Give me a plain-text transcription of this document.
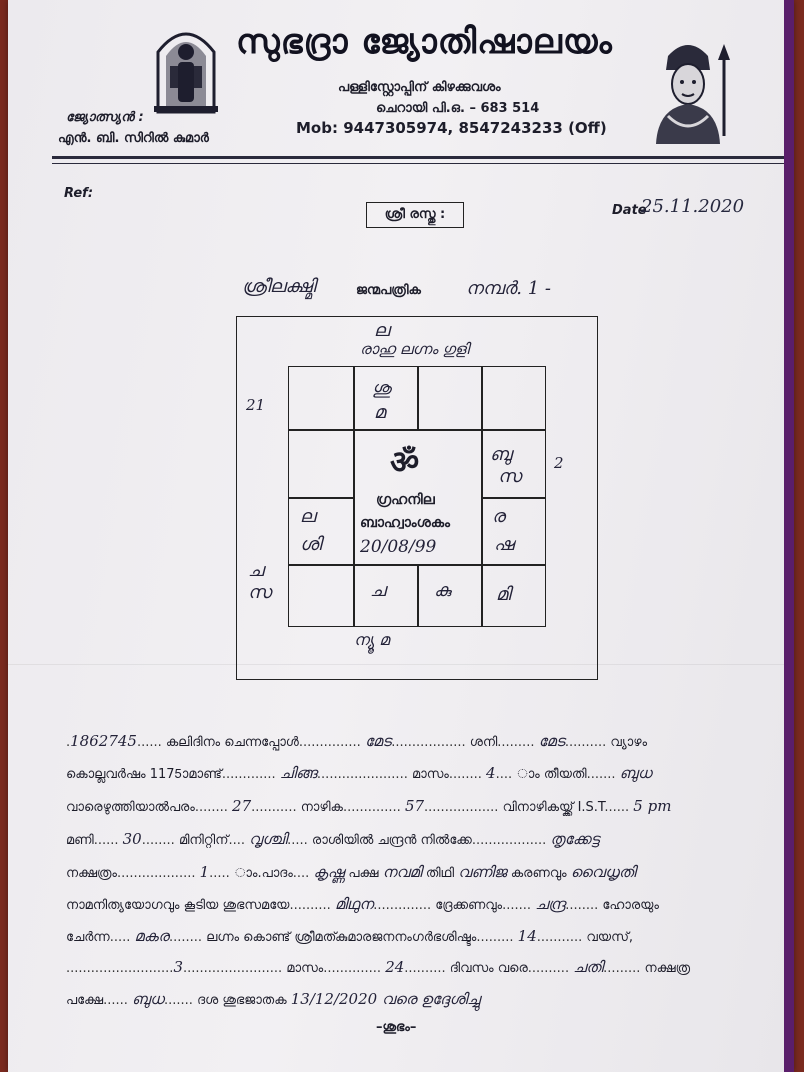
സുഭദ്രാ ജ്യോതിഷാലയം
പള്ളിസ്റ്റോപ്പിന് കിഴക്കുവശം
ചെറായി പി.ഒ. – 683 514
Mob: 9447305974, 8547243233 (Off)
ജ്യോത്സ്യൻ :
എൻ. ബി. സിറിൽ കുമാർ
Ref:
ശ്രീ രസ്തു :	Date
25.11.2020
ശ്രീലക്ഷ്മി	ജന്മപത്രിക	നമ്പർ. 1 -
ല
രാഹു ലഗ്നം ഗുളി
21
2
ച
സ
ന്യൂ മ
ശു
മ
ബു
സ
ല
ശി
ര
ഷ
ച	കു	മി
ॐ
ഗ്രഹനില
ബാഹ്വാംശകം
20/08/99
.1862745...... കലിദിനം ചെന്നപ്പോൾ............... മേട.................. ശനി......... മേട.......... വ്യാഴം
കൊല്ലവർഷം 1175ാമാണ്ട്............. ചിങ്ങ...................... മാസം........ 4.... ാം തീയതി....... ബുധ
വാരെഴുത്തിയാൽപരം........ 27........... നാഴിക.............. 57.................. വിനാഴികയ്ക്ക് I.S.T...... 5 pm
മണി...... 30........ മിനിറ്റിന്.... വൃശ്ചി..... രാശിയിൽ ചന്ദ്രൻ നിൽക്കേ.................. തൃക്കേട്ട
നക്ഷത്രം................... 1..... ാം.പാദം.... കൃഷ്ണ പക്ഷ നവമി തിഥി വണിജ കരണവും വൈധൃതി
നാമനിത്യയോഗവും കൂടിയ ശുഭസമയേ.......... മിഥുന.............. ദ്രേക്കണവും....... ചന്ദ്ര........ ഹോരയും
ചേർന്ന..... മകര........ ലഗ്നം കൊണ്ട് ശ്രീമത്കുമാരജനനംഗർഭശിഷ്ടം......... 14........... വയസ്,
..........................3........................ മാസം.............. 24.......... ദിവസം വരെ.......... ചതി......... നക്ഷത്ര
പക്ഷേ...... ബുധ....... ദശ ശുഭജാതക 13/12/2020 വരെ ഉദ്ദേശിച്ചു
–ശുഭം–
